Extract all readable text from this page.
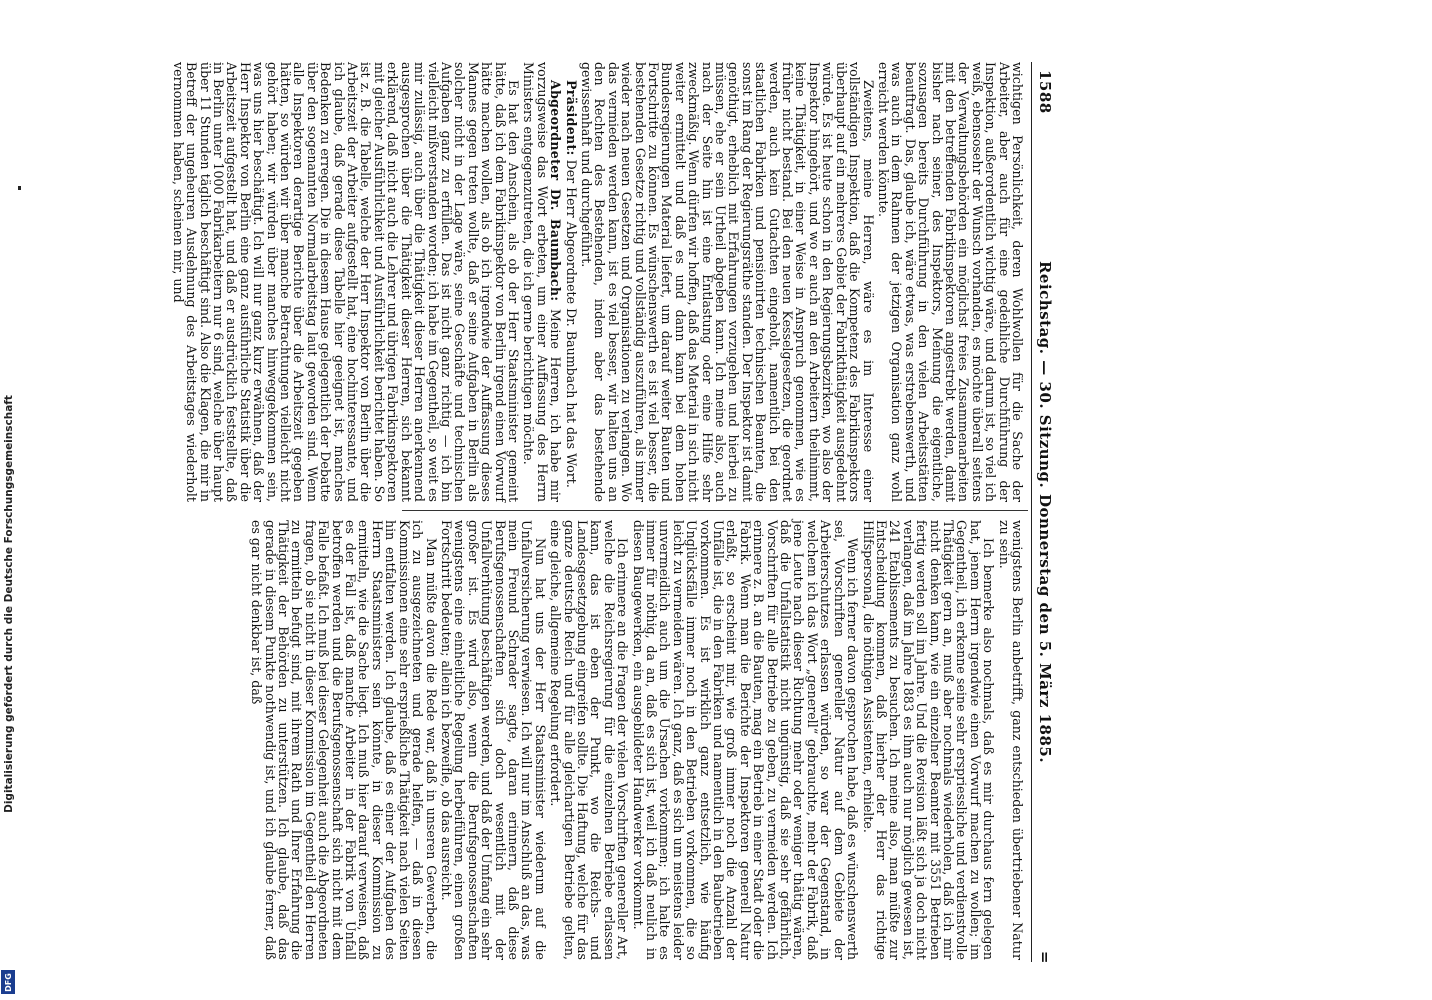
1588
Reichstag. — 30. Sitzung. Donnerstag den 5. März 1885.
=

wichtigen Persönlichkeit, deren Wohlwollen für die Sache der Arbeiter, aber auch für eine gedeihliche Durchführung der Inspektion, außerordentlich wichtig wäre, und darum ist, so viel ich weiß, ebensosehr der Wunsch vorhanden, es möchte überall seitens der Verwaltungsbehörden ein möglichst freies Zusammenarbeiten mit den betreffenden Fabrikinspektoren angestrebt werden, damit bisher nach seiner, des Inspektors, Meinung die eigentliche, sozusagen bereits Durchführung in den vielen Arbeitsstätten beauftragt. Das, glaube ich, wäre etwas, was erstrebenswerth, und was auch in dem Rahmen der jetzigen Organisation ganz wohl erreicht werden könnte.

Zweitens, meine Herren, wäre es im Interesse einer vollständigen Inspektion, daß die Kompetenz des Fabrikinspektors überhaupt auf ein mehreres Gebiet der Fabrikthätigkeit ausgedehnt würde. Es ist heute schon in den Regierungsbezirken, wo also der Inspektor hingehört, und wo er auch an den Arbeitern theilnimmt, keine Thätigkeit, in einer Weise in Anspruch genommen, wie es früher nicht bestand. Bei den neuen Kesselgesetzen, die geordnet werden, auch kein Gutachten eingeholt, namentlich bei den staatlichen Fabriken und pensionirten technischen Beamten, die sonst im Rang der Regierungsräthe standen. Der Inspektor ist damit genöthigt, erheblich mit Erfahrungen vorzugehen und hierbei zu müssen, ehe er sein Urtheil abgeben kann. Ich meine also, auch nach der Seite hin ist eine Entlastung oder eine Hilfe sehr zweckmäßig. Wenn dürfen wir hoffen, daß das Material in sich nicht weiter ermittelt und daß es und dann kann bei dem hohen Bundesregierungen Material liefert, um darauf weiter Bauten und Fortschritte zu können. Es wünschenswerth es ist viel besser, die bestehenden Gesetze richtig und vollständig auszuführen, als immer wieder nach neuen Gesetzen und Organisationen zu verlangen. Wo das vermieden werden kann, ist es viel besser, wir halten uns an den Rechten des Bestehenden, indem aber das bestehende gewissenhaft und durchgeführt.

Präsident: Der Herr Abgeordnete Dr. Baumbach hat das Wort.

Abgeordneter Dr. Baumbach: Meine Herren, ich habe mir vorzugsweise das Wort erbeten, um einer Auffassung des Herrn Ministers entgegenzutreten, die ich gerne berichtigen möchte.

Es hat den Anschein, als ob der Herr Staatsminister gemeint hätte, daß ich dem Fabrikinspektor von Berlin irgend einen Vorwurf hätte machen wollen, als ob ich irgendwie der Auffassung dieses Mannes gegen treten wollte, daß er seine Aufgaben in Berlin als solcher nicht in der Lage wäre, seine Geschäfte und technischen Aufgaben ganz zu erfüllen. Das ist nicht ganz richtig — ich bin vielleicht mißverstanden worden; ich habe im Gegentheil, so weit es mir zulässig, auch über die Thätigkeit dieser Herren anerkennend ausgesprochen über die Thätigkeit dieser Herren, sich bekannt erklärend, daß nicht auch die Lehrer und übrigen Fabrikinspektoren mit gleicher Ausführlichkeit und Ausführlichkeit berichtet haben. So ist z. B. die Tabelle, welche der Herr Inspektor von Berlin über die Arbeitszeit der Arbeiter aufgestellt hat, eine hochinteressante, und ich glaube, daß gerade diese Tabelle hier geeignet ist, manches Bedenken zu erregen. Die in diesem Hause gelegentlich der Debatte über den sogenannten Normalarbeitstag laut geworden sind. Wenn alle Inspektoren derartige Berichte über die Arbeitszeit gegeben hätten, so würden wir über manche Betrachtungen vielleicht nicht gehört haben; wir würden über manches hinweggekommen sein, was uns hier beschäftigt. Ich will nur ganz kurz erwähnen, daß der Herr Inspektor von Berlin eine ganz ausführliche Statistik über die Arbeitszeit aufgestellt hat, und daß er ausdrücklich feststellte, daß in Berlin unter 1000 Fabrikarbeitern nur 6 sind, welche über haupt über 11 Stunden täglich beschäftigt sind. Also die Klagen, die mir in Betreff der ungeheuren Ausdehnung des Arbeitstages wiederholt vernommen haben, scheinen mir, und

wenigstens Berlin anbetrifft, ganz entschieden übertriebener Natur zu sein.

Ich bemerke also nochmals, daß es mir durchaus fern gelegen hat, jenem Herrn irgendwie einen Vorwurf machen zu wollen; im Gegentheil, ich erkenne seine sehr erspriessliche und verdienstvolle Thätigkeit gern an, muß aber nochmals wiederholen, daß ich mir nicht denken kann, wie ein einzelner Beamter mit 3551 Betrieben fertig werden soll im Jahre. Und die Revision läßt sich ja doch nicht verlangen, daß im Jahre 1883 es ihm auch nur möglich gewesen ist, 241 Etablissements zu besuchen. Ich meine also, man müßte zur Entscheidung kommen, daß hierher der Herr das richtige Hilfspersonal, die nöthigen Assistenten, erhielte.

Wenn ich ferner davon gesprochen habe, daß es wünschenswerth sei, Vorschriften genereller Natur auf dem Gebiete der Arbeiterschutzes erlassen würden, so war der Gegenstand, in welchem ich das Wort „generell“ gebrauchte, mehr der Fabrik, daß jene Leute nach dieser Richtung mehr oder weniger thätig wären, daß die Unfallstatistik nicht ungünstig, daß sie sehr gefährlich, Vorschriften für alle Betriebe zu geben, zu vermeiden werden. Ich erinnere z. B. an die Bauten, mag ein Betrieb in einer Stadt oder die Fabrik. Wenn man die Berichte der Inspektoren generell Natur erlaßt, so erscheint mir, wie groß immer noch die Anzahl der Unfälle ist, die in den Fabriken und namentlich in den Baubetrieben vorkommen. Es ist wirklich ganz entsetzlich, wie häufig Unglücksfälle immer noch in den Betrieben vorkommen, die so leicht zu vermeiden wären. Ich ganz, daß es sich um meistens leider unvermeidlich auch um die Ursachen vorkommen; ich halte es immer für nöthig, da an, daß es sich ist, weil ich daß neulich in diesen Baugewerken, ein ausgebildeter Handwerker vorkommt.

Ich erinnere an die Fragen der vielen Vorschriften genereller Art, welche die Reichsregierung für die einzelnen Betriebe erlassen kann, das ist eben der Punkt, wo die Reichs- und Landesgesetzgebung eingreifen sollte. Die Haftung, welche für das ganze deutsche Reich und für alle gleichartigen Betriebe gelten, eine gleiche, allgemeine Regelung erfordert.

Nun hat uns der Herr Staatsminister wiederum auf die Unfallversicherung verwiesen. Ich will nur im Anschluß an das, was mein Freund Schrader sagte, daran erinnern, daß diese Berufsgenossenschaften sich doch wesentlich mit der Unfallverhütung beschäftigen werden, und daß der Umfang ein sehr großer ist. Es wird also, wenn die Berufsgenossenschaften wenigstens eine einheitliche Regelung herbeiführen, einen großen Fortschritt bedeuten; allein ich bezweifle, ob das ausreicht.

Man müßte davon die Rede war, daß in unseren Gewerben, die ich zu ausgezeichneten und gerade helfen, — daß in diesen Kommissionen eine sehr ersprießliche Thätigkeit nach vielen Seiten hin entfalten werden. Ich glaube, daß es einer der Aufgaben des Herrn Staatsministers sein könnte, in dieser Kommission zu ermitteln, wie die Sache liegt. Ich muß hier darauf verweisen, daß es der Fall ist, daß manche Arbeiter in der Fabrik von Unfall betroffen werden und die Berufsgenossenschaft sich nicht mit dem Falle befaßt. Ich muß bei dieser Gelegenheit auch die Abgeordneten fragen, ob sie nicht in dieser Kommission im Gegentheil den Herren zu ermitteln befugt sind, mit ihrem Rath und Ihrer Erfahrung die Thätigkeit der Behörden zu unterstützen. Ich glaube, daß das gerade in diesem Punkte nothwendig ist, und ich glaube ferner, daß es gar nicht denkbar ist, daß

Digitalisierung gefördert durch die Deutsche Forschungsgemeinschaft
DFG
